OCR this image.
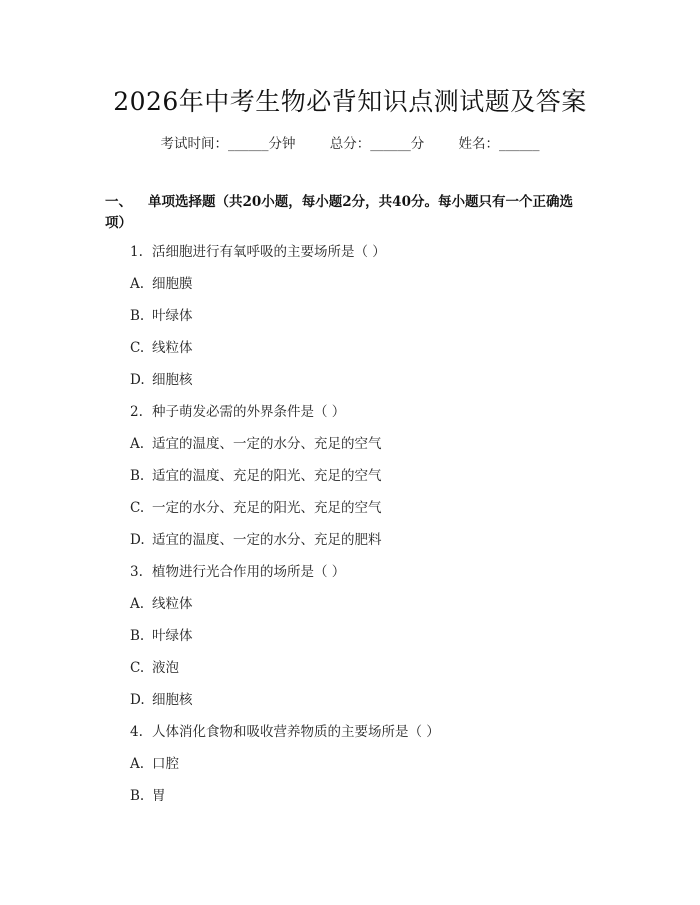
2026年中考生物必背知识点测试题及答案
考试时间：______分钟	总分：______分	姓名：______
一、 单项选择题（共20小题，每小题2分，共40分。每小题只有一个正确选项）
1. 活细胞进行有氧呼吸的主要场所是（ ）
A. 细胞膜
B. 叶绿体
C. 线粒体
D. 细胞核
2. 种子萌发必需的外界条件是（ ）
A. 适宜的温度、一定的水分、充足的空气
B. 适宜的温度、充足的阳光、充足的空气
C. 一定的水分、充足的阳光、充足的空气
D. 适宜的温度、一定的水分、充足的肥料
3. 植物进行光合作用的场所是（ ）
A. 线粒体
B. 叶绿体
C. 液泡
D. 细胞核
4. 人体消化食物和吸收营养物质的主要场所是（ ）
A. 口腔
B. 胃
